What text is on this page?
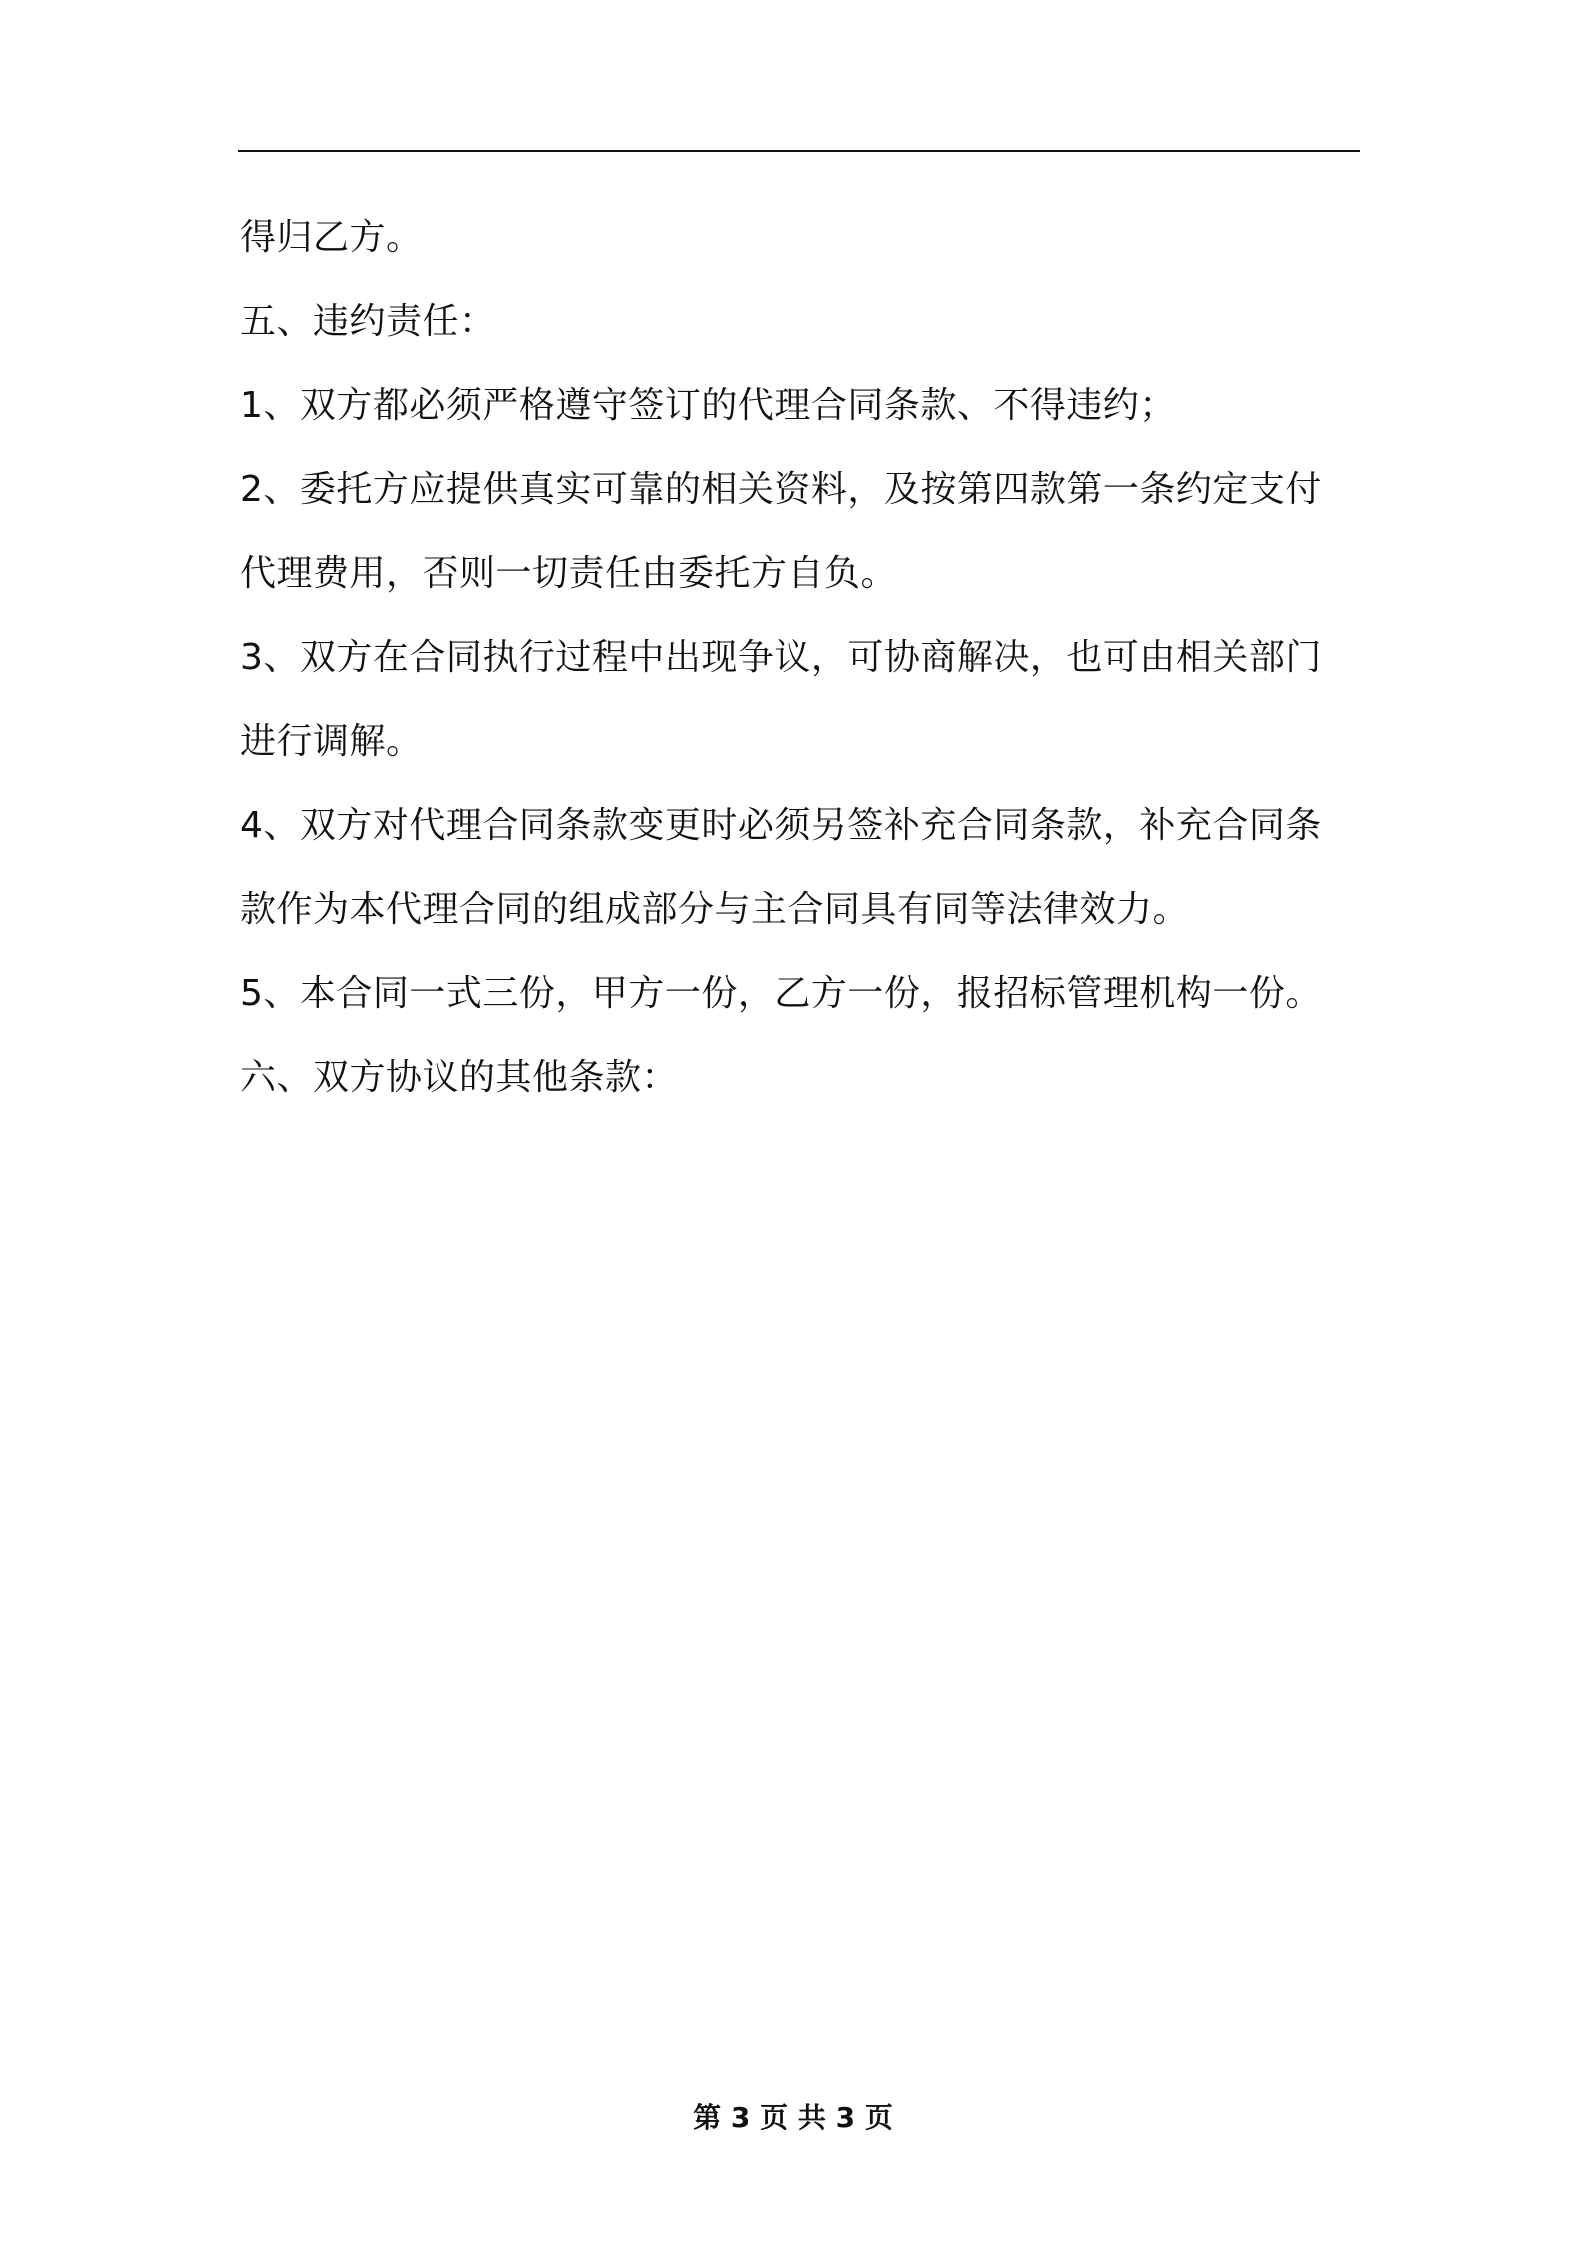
得归乙方。
五、违约责任：
1、双方都必须严格遵守签订的代理合同条款、不得违约；
2、委托方应提供真实可靠的相关资料，及按第四款第一条约定支付
代理费用，否则一切责任由委托方自负。
3、双方在合同执行过程中出现争议，可协商解决，也可由相关部门
进行调解。
4、双方对代理合同条款变更时必须另签补充合同条款，补充合同条
款作为本代理合同的组成部分与主合同具有同等法律效力。
5、本合同一式三份，甲方一份，乙方一份，报招标管理机构一份。
六、双方协议的其他条款：
第 3 页 共 3 页
